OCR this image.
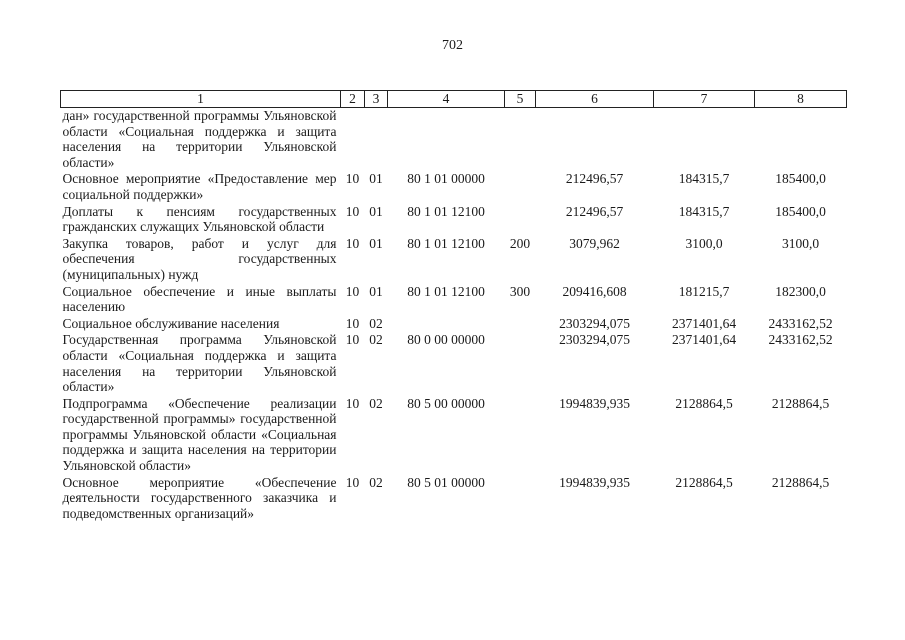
702
1	2	3	4	5	6	7	8
дан» государственной программы Ульяновской области «Социальная поддержка и защита населения на территории Ульяновской области»							
Основное мероприятие «Предоставление мер социальной поддержки»	10	01	80 1 01 00000		212496,57	184315,7	185400,0
Доплаты к пенсиям государственных гражданских служащих Ульяновской области	10	01	80 1 01 12100		212496,57	184315,7	185400,0
Закупка товаров, работ и услуг для обеспечения государственных (муниципальных) нужд	10	01	80 1 01 12100	200	3079,962	3100,0	3100,0
Социальное обеспечение и иные выплаты населению	10	01	80 1 01 12100	300	209416,608	181215,7	182300,0
Социальное обслуживание населения	10	02			2303294,075	2371401,64	2433162,52
Государственная программа Ульяновской области «Социальная поддержка и защита населения на территории Ульяновской области»	10	02	80 0 00 00000		2303294,075	2371401,64	2433162,52
Подпрограмма «Обеспечение реализации государственной программы» государственной программы Ульяновской области «Социальная поддержка и защита населения на территории Ульяновской области»	10	02	80 5 00 00000		1994839,935	2128864,5	2128864,5
Основное мероприятие «Обеспечение деятельности государственного заказчика и подведомственных организаций»	10	02	80 5 01 00000		1994839,935	2128864,5	2128864,5
